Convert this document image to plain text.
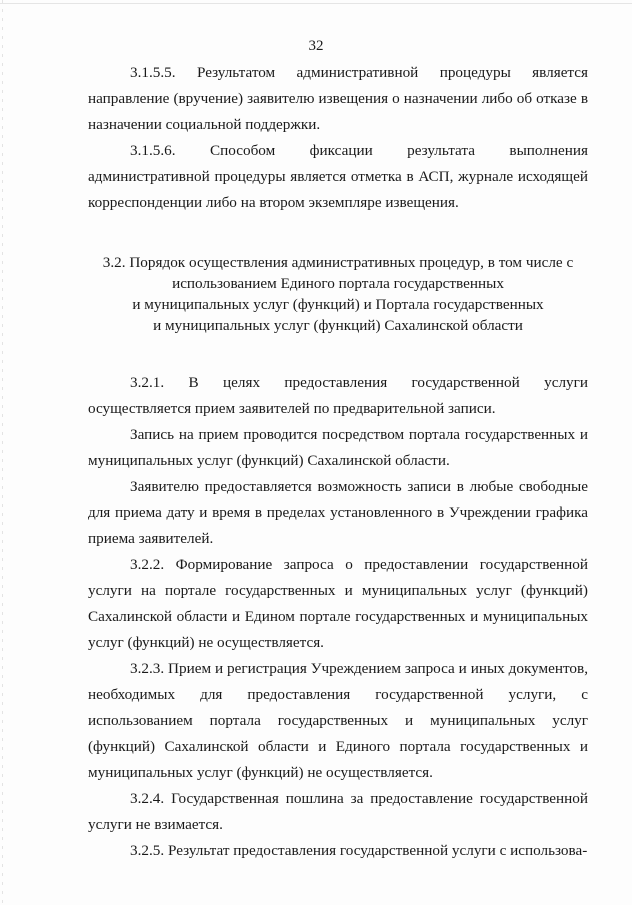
32

3.1.5.5. Результатом административной процедуры является направление (вручение) заявителю извещения о назначении либо об отказе в назначении социальной поддержки.

3.1.5.6. Способом фиксации результата выполнения административной процедуры является отметка в АСП, журнале исходящей корреспонденции либо на втором экземпляре извещения.

3.2. Порядок осуществления административных процедур, в том числе с
использованием Единого портала государственных
и муниципальных услуг (функций) и Портала государственных
и муниципальных услуг (функций) Сахалинской области

3.2.1. В целях предоставления государственной услуги осуществляется прием заявителей по предварительной записи.

Запись на прием проводится посредством портала государственных и муниципальных услуг (функций) Сахалинской области.

Заявителю предоставляется возможность записи в любые свободные для приема дату и время в пределах установленного в Учреждении графика приема заявителей.

3.2.2. Формирование запроса о предоставлении государственной услуги на портале государственных и муниципальных услуг (функций) Сахалинской области и Едином портале государственных и муниципальных услуг (функций) не осуществляется.

3.2.3. Прием и регистрация Учреждением запроса и иных документов, необходимых для предоставления государственной услуги, с использованием портала государственных и муниципальных услуг (функций) Сахалинской области и Единого портала государственных и муниципальных услуг (функций) не осуществляется.

3.2.4. Государственная пошлина за предоставление государственной услуги не взимается.

3.2.5. Результат предоставления государственной услуги с использова-
